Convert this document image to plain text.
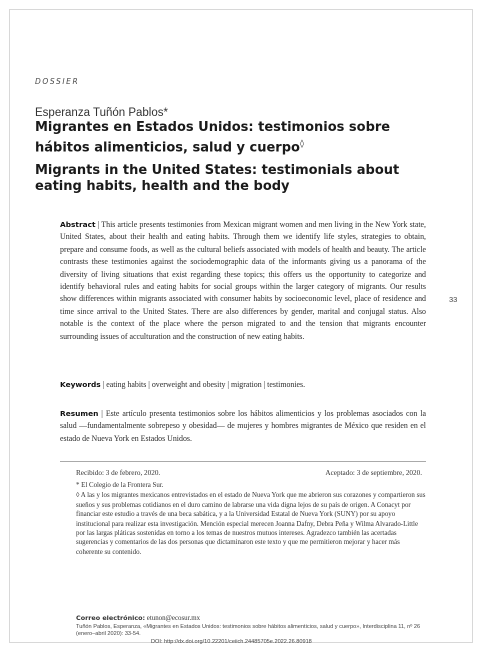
DOSSIER
Esperanza Tuñón Pablos*
Migrantes en Estados Unidos: testimonios sobre hábitos alimenticios, salud y cuerpo◊
Migrants in the United States: testimonials about eating habits, health and the body
Abstract | This article presents testimonies from Mexican migrant women and men living in the New York state, United States, about their health and eating habits. Through them we identify life styles, strategies to obtain, prepare and consume foods, as well as the cultural beliefs associated with models of health and beauty. The article contrasts these testimonies against the sociodemographic data of the informants giving us a panorama of the diversity of living situations that exist regarding these topics; this offers us the opportunity to categorize and identify behavioral rules and eating habits for social groups within the larger category of migrants. Our results show differences within migrants associated with consumer habits by socioeconomic level, place of residence and time since arrival to the United States. There are also differences by gender, marital and conjugal status. Also notable is the context of the place where the person migrated to and the tension that migrants encounter surrounding issues of acculturation and the construction of new eating habits.
Keywords | eating habits | overweight and obesity | migration | testimonies.
Resumen | Este artículo presenta testimonios sobre los hábitos alimenticios y los problemas asociados con la salud —fundamentalmente sobrepeso y obesidad— de mujeres y hombres migrantes de México que residen en el estado de Nueva York en Estados Unidos.
Recibido: 3 de febrero, 2020.	Aceptado: 3 de septiembre, 2020.

* El Colegio de la Frontera Sur.

◊ A las y los migrantes mexicanos entrevistados en el estado de Nueva York que me abrieron sus corazones y compartieron sus sueños y sus problemas cotidianos en el duro camino de labrarse una vida digna lejos de su país de origen. A Conacyt por financiar este estudio a través de una beca sabática, y a la Universidad Estatal de Nueva York (SUNY) por su apoyo institucional para realizar esta investigación. Mención especial merecen Joanna Dafny, Debra Peña y Wilma Alvarado-Little por las largas pláticas sostenidas en torno a los temas de nuestros mutuos intereses. Agradezco también las acertadas sugerencias y comentarios de las dos personas que dictaminaron este texto y que me permitieron mejorar y hacer más coherente su contenido.

Correo electrónico: etunon@ecosur.mx
Tuñón Pablos, Esperanza, «Migrantes en Estados Unidos: testimonios sobre hábitos alimenticios, salud y cuerpo», Interdisciplina 11, nº 26 (enero–abril 2020): 33-54.
DOI: http://dx.doi.org/10.22201/ceiich.24485705e.2022.26.80918
33
